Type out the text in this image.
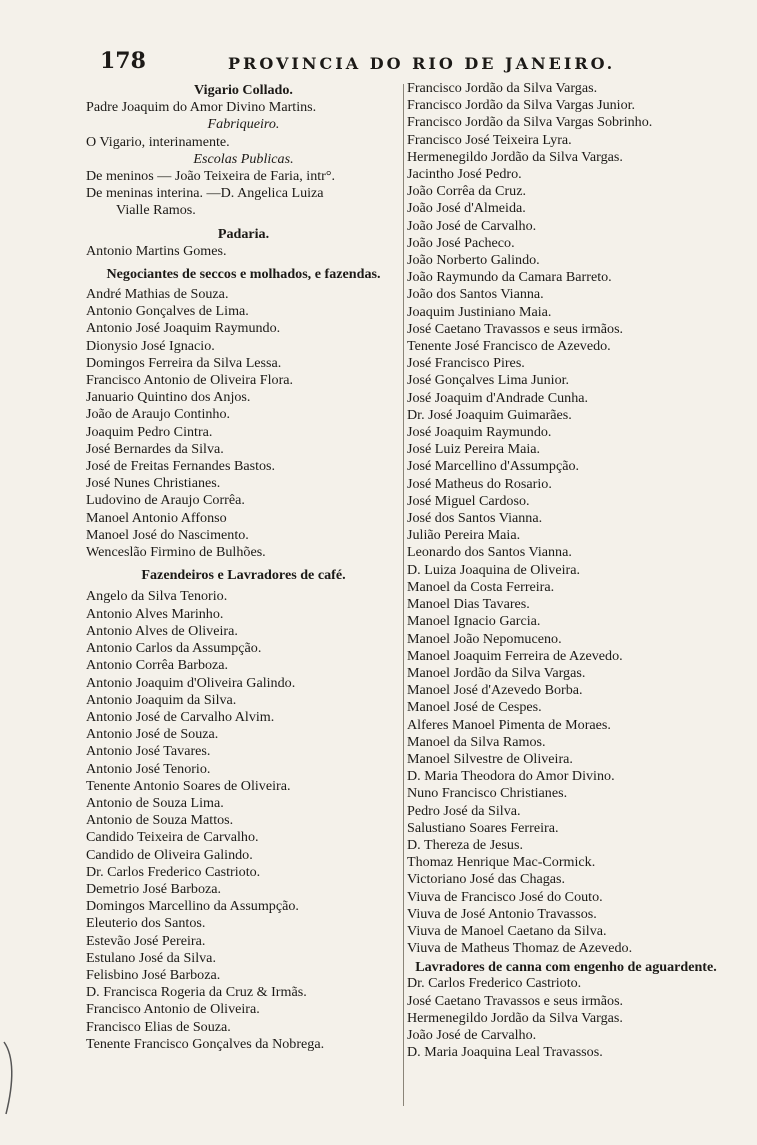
178	PROVINCIA DO RIO DE JANEIRO.
Vigario Collado.
Padre Joaquim do Amor Divino Martins.
Fabriqueiro.
O Vigario, interinamente.
Escolas Publicas.
De meninos — João Teixeira de Faria, intr°.
De meninas interina. —D. Angelica Luiza
Vialle Ramos.
Padaria.
Antonio Martins Gomes.
Negociantes de seccos e molhados, e fazendas.
André Mathias de Souza.
Antonio Gonçalves de Lima.
Antonio José Joaquim Raymundo.
Dionysio José Ignacio.
Domingos Ferreira da Silva Lessa.
Francisco Antonio de Oliveira Flora.
Januario Quintino dos Anjos.
João de Araujo Continho.
Joaquim Pedro Cintra.
José Bernardes da Silva.
José de Freitas Fernandes Bastos.
José Nunes Christianes.
Ludovino de Araujo Corrêa.
Manoel Antonio Affonso
Manoel José do Nascimento.
Wenceslão Firmino de Bulhões.
Fazendeiros e Lavradores de café.
Angelo da Silva Tenorio.
Antonio Alves Marinho.
Antonio Alves de Oliveira.
Antonio Carlos da Assumpção.
Antonio Corrêa Barboza.
Antonio Joaquim d'Oliveira Galindo.
Antonio Joaquim da Silva.
Antonio José de Carvalho Alvim.
Antonio José de Souza.
Antonio José Tavares.
Antonio José Tenorio.
Tenente Antonio Soares de Oliveira.
Antonio de Souza Lima.
Antonio de Souza Mattos.
Candido Teixeira de Carvalho.
Candido de Oliveira Galindo.
Dr. Carlos Frederico Castrioto.
Demetrio José Barboza.
Domingos Marcellino da Assumpção.
Eleuterio dos Santos.
Estevão José Pereira.
Estulano José da Silva.
Felisbino José Barboza.
D. Francisca Rogeria da Cruz & Irmãs.
Francisco Antonio de Oliveira.
Francisco Elias de Souza.
Tenente Francisco Gonçalves da Nobrega.
Francisco Jordão da Silva Vargas.
Francisco Jordão da Silva Vargas Junior.
Francisco Jordão da Silva Vargas Sobrinho.
Francisco José Teixeira Lyra.
Hermenegildo Jordão da Silva Vargas.
Jacintho José Pedro.
João Corrêa da Cruz.
João José d'Almeida.
João José de Carvalho.
João José Pacheco.
João Norberto Galindo.
João Raymundo da Camara Barreto.
João dos Santos Vianna.
Joaquim Justiniano Maia.
José Caetano Travassos e seus irmãos.
Tenente José Francisco de Azevedo.
José Francisco Pires.
José Gonçalves Lima Junior.
José Joaquim d'Andrade Cunha.
Dr. José Joaquim Guimarães.
José Joaquim Raymundo.
José Luiz Pereira Maia.
José Marcellino d'Assumpção.
José Matheus do Rosario.
José Miguel Cardoso.
José dos Santos Vianna.
Julião Pereira Maia.
Leonardo dos Santos Vianna.
D. Luiza Joaquina de Oliveira.
Manoel da Costa Ferreira.
Manoel Dias Tavares.
Manoel Ignacio Garcia.
Manoel João Nepomuceno.
Manoel Joaquim Ferreira de Azevedo.
Manoel Jordão da Silva Vargas.
Manoel José d'Azevedo Borba.
Manoel José de Cespes.
Alferes Manoel Pimenta de Moraes.
Manoel da Silva Ramos.
Manoel Silvestre de Oliveira.
D. Maria Theodora do Amor Divino.
Nuno Francisco Christianes.
Pedro José da Silva.
Salustiano Soares Ferreira.
D. Thereza de Jesus.
Thomaz Henrique Mac-Cormick.
Victoriano José das Chagas.
Viuva de Francisco José do Couto.
Viuva de José Antonio Travassos.
Viuva de Manoel Caetano da Silva.
Viuva de Matheus Thomaz de Azevedo.
Lavradores de canna com engenho de aguardente.
Dr. Carlos Frederico Castrioto.
José Caetano Travassos e seus irmãos.
Hermenegildo Jordão da Silva Vargas.
João José de Carvalho.
D. Maria Joaquina Leal Travassos.
